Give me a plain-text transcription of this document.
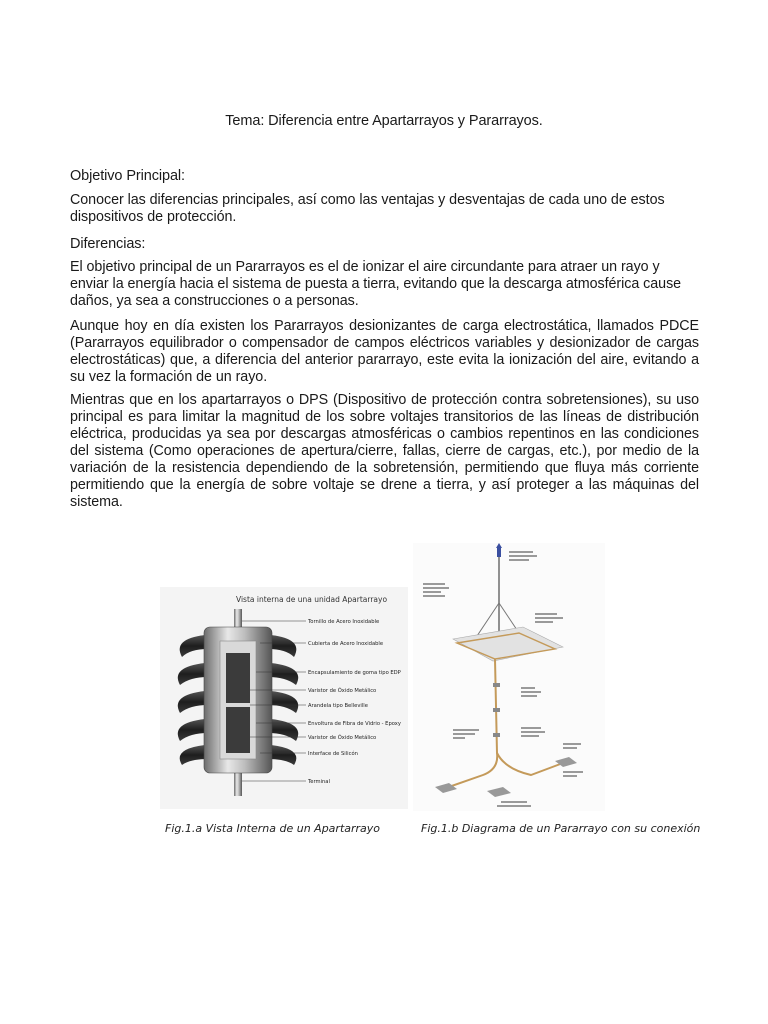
Tema: Diferencia entre Apartarrayos y Pararrayos.
Objetivo Principal:

Conocer las diferencias principales, así como las ventajas y desventajas de cada uno de estos dispositivos de protección.

Diferencias:

El objetivo principal de un Pararrayos es el de ionizar el aire circundante para atraer un rayo y enviar la energía hacia el sistema de puesta a tierra, evitando que la descarga atmosférica cause daños, ya sea a construcciones o a personas.

Aunque hoy en día existen los Pararrayos desionizantes de carga electrostática, llamados PDCE (Pararrayos equilibrador o compensador de campos eléctricos variables y desionizador de cargas electrostáticas) que, a diferencia del anterior pararrayo, este evita la ionización del aire, evitando a su vez la formación de un rayo.

Mientras que en los apartarrayos o DPS (Dispositivo de protección contra sobretensiones), su uso principal es para limitar la magnitud de los sobre voltajes transitorios de las líneas de distribución eléctrica, producidas ya sea por descargas atmosféricas o cambios repentinos en las condiciones del sistema (Como operaciones de apertura/cierre, fallas, cierre de cargas, etc.), por medio de la variación de la resistencia dependiendo de la sobretensión, permitiendo que fluya más corriente permitiendo que la energía de sobre voltaje se drene a tierra, y así proteger a las máquinas del sistema.

Vista interna de una unidad Apartarrayo
Tornillo de Acero Inoxidable
Cubierta de Acero Inoxidable
Encapsulamiento de goma tipo EDP
Varistor de Óxido Metálico
Arandela tipo Belleville
Envoltura de Fibra de Vidrio - Epoxy
Varistor de Óxido Metálico
Interface de Silicón
Terminal
Fig.1.a Vista Interna de un Apartarrayo	Fig.1.b Diagrama de un Pararrayo con su conexión
